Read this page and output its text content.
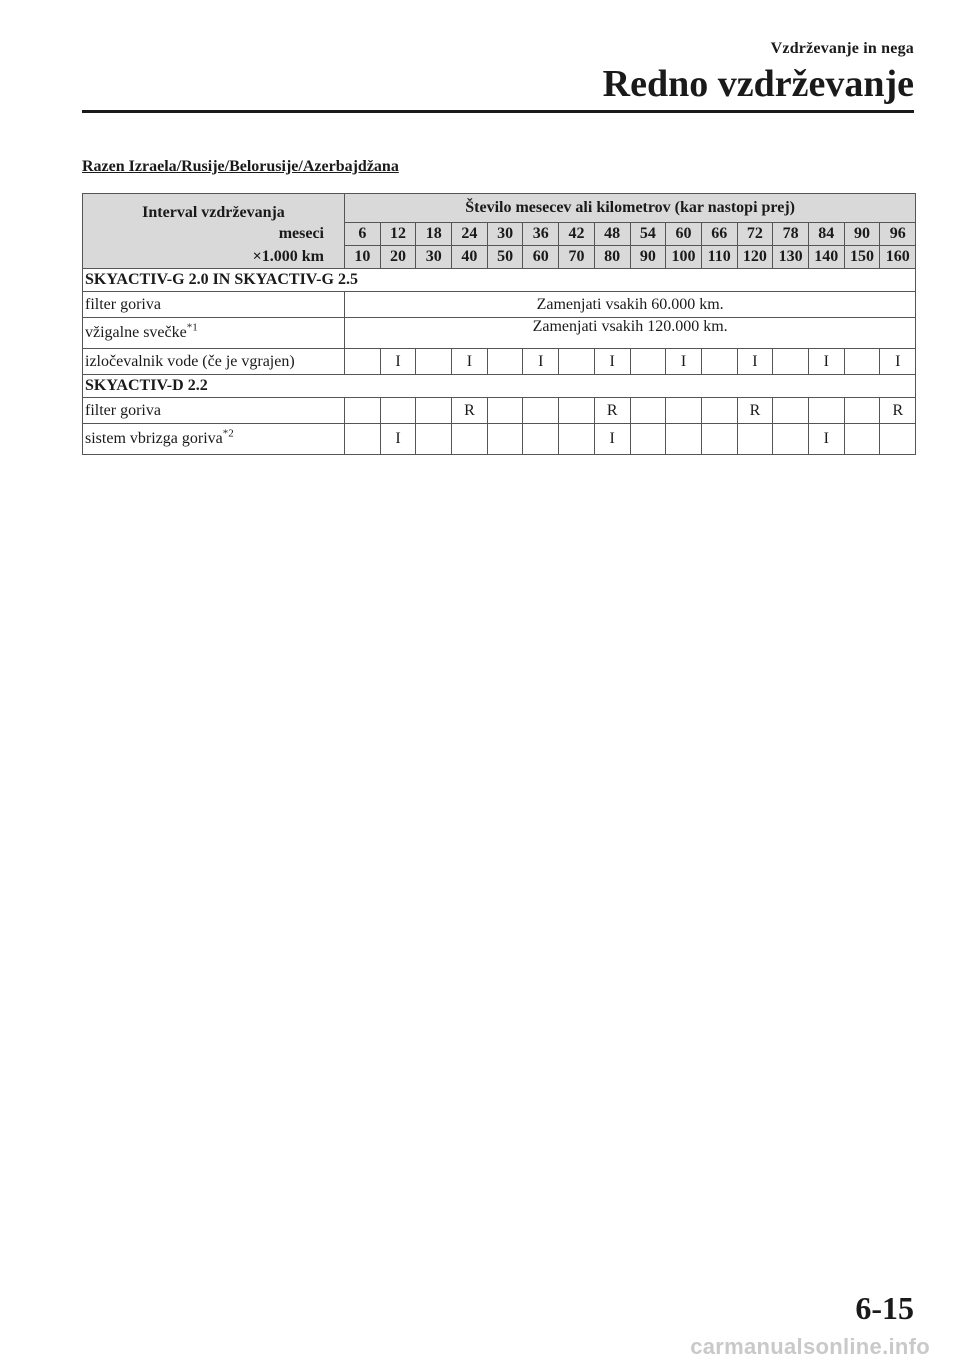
Vzdrževanje in nega
Redno vzdrževanje
Razen Izraela/Rusije/Belorusije/Azerbajdžana
Interval vzdrževanja	Število mesecev ali kilometrov (kar nastopi prej)															
meseci	6	12	18	24	30	36	42	48	54	60	66	72	78	84	90	96
×1.000 km	10	20	30	40	50	60	70	80	90	100	110	120	130	140	150	160
SKYACTIV-G 2.0 IN SKYACTIV-G 2.5																
filter goriva	Zamenjati vsakih 60.000 km.															
vžigalne svečke$^{*1}$	Zamenjati vsakih 120.000 km.															
izločevalnik vode (če je vgrajen)		I		I		I		I		I		I		I		I
SKYACTIV-D 2.2																
filter goriva				R				R				R				R
sistem vbrizga goriva$^{*2}$		I						I						I		
6-15
carmanualsonline.info
